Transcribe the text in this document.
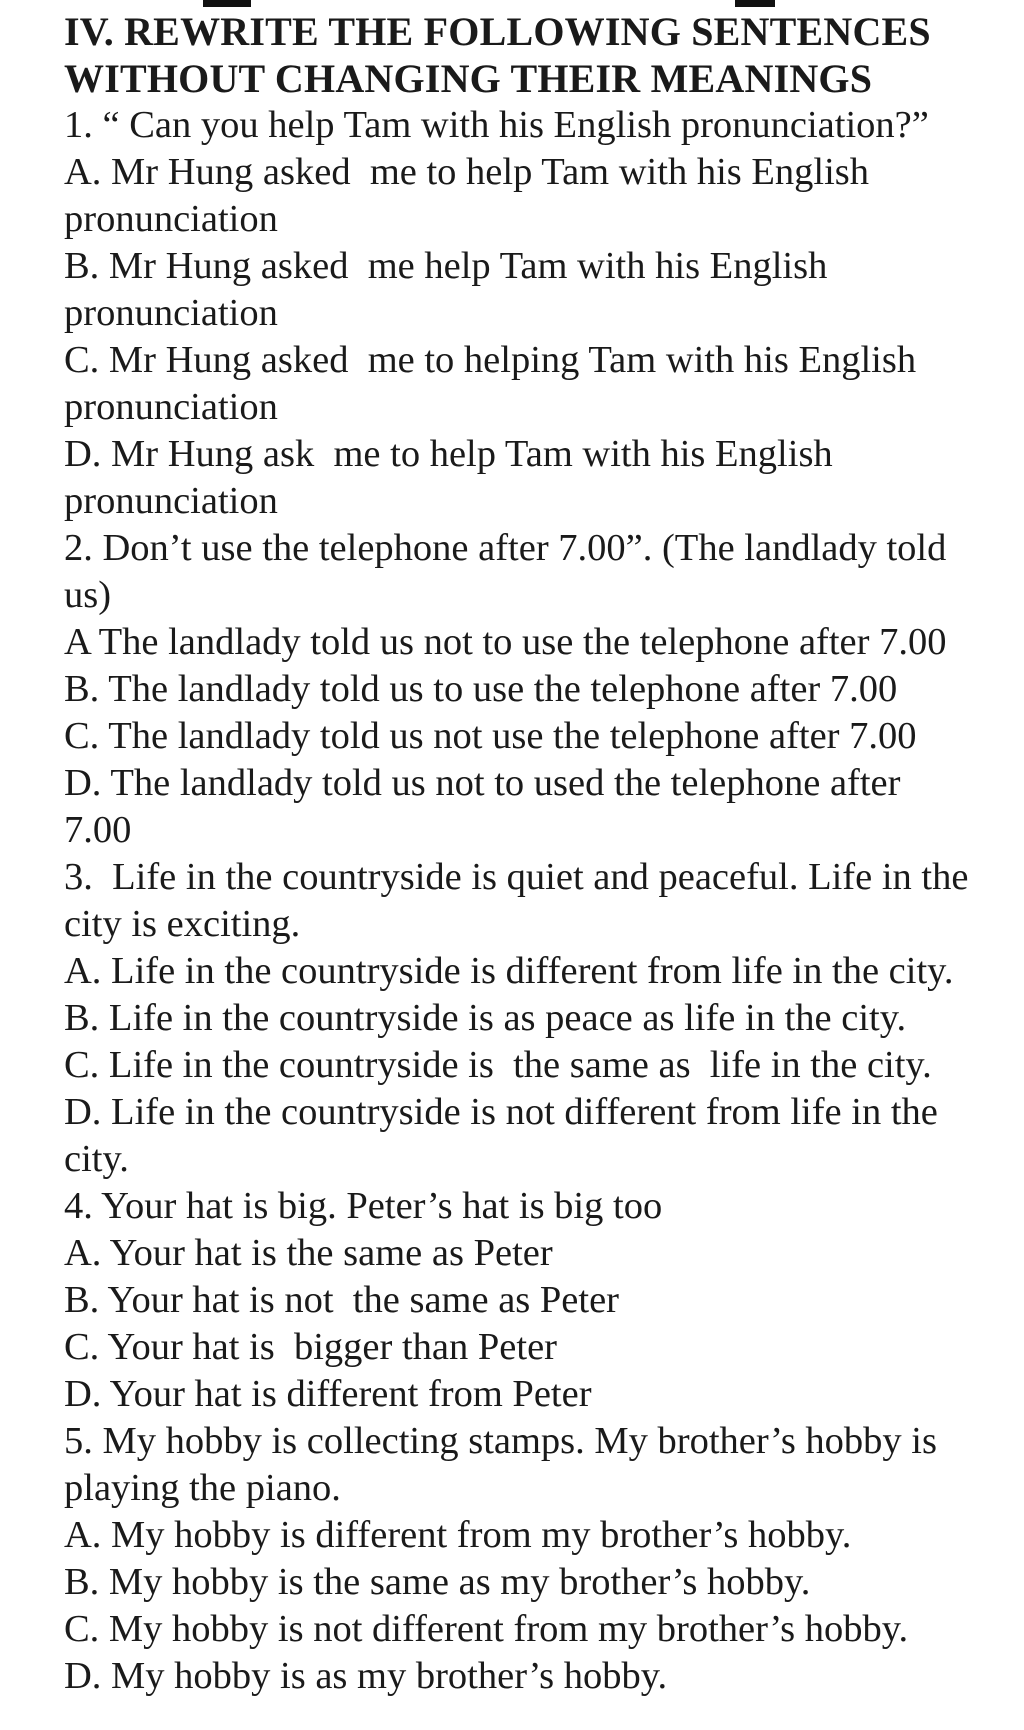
IV. REWRITE THE FOLLOWING SENTENCES
WITHOUT CHANGING THEIR MEANINGS
1. “ Can you help Tam with his English pronunciation?”
A. Mr Hung asked  me to help Tam with his English
pronunciation
B. Mr Hung asked  me help Tam with his English
pronunciation
C. Mr Hung asked  me to helping Tam with his English
pronunciation
D. Mr Hung ask  me to help Tam with his English
pronunciation
2. Don’t use the telephone after 7.00”. (The landlady told
us)
A The landlady told us not to use the telephone after 7.00
B. The landlady told us to use the telephone after 7.00
C. The landlady told us not use the telephone after 7.00
D. The landlady told us not to used the telephone after
7.00
3.  Life in the countryside is quiet and peaceful. Life in the
city is exciting.
A. Life in the countryside is different from life in the city.
B. Life in the countryside is as peace as life in the city.
C. Life in the countryside is  the same as  life in the city.
D. Life in the countryside is not different from life in the
city.
4. Your hat is big. Peter’s hat is big too
A. Your hat is the same as Peter
B. Your hat is not  the same as Peter
C. Your hat is  bigger than Peter
D. Your hat is different from Peter
5. My hobby is collecting stamps. My brother’s hobby is
playing the piano.
A. My hobby is different from my brother’s hobby.
B. My hobby is the same as my brother’s hobby.
C. My hobby is not different from my brother’s hobby.
D. My hobby is as my brother’s hobby.
